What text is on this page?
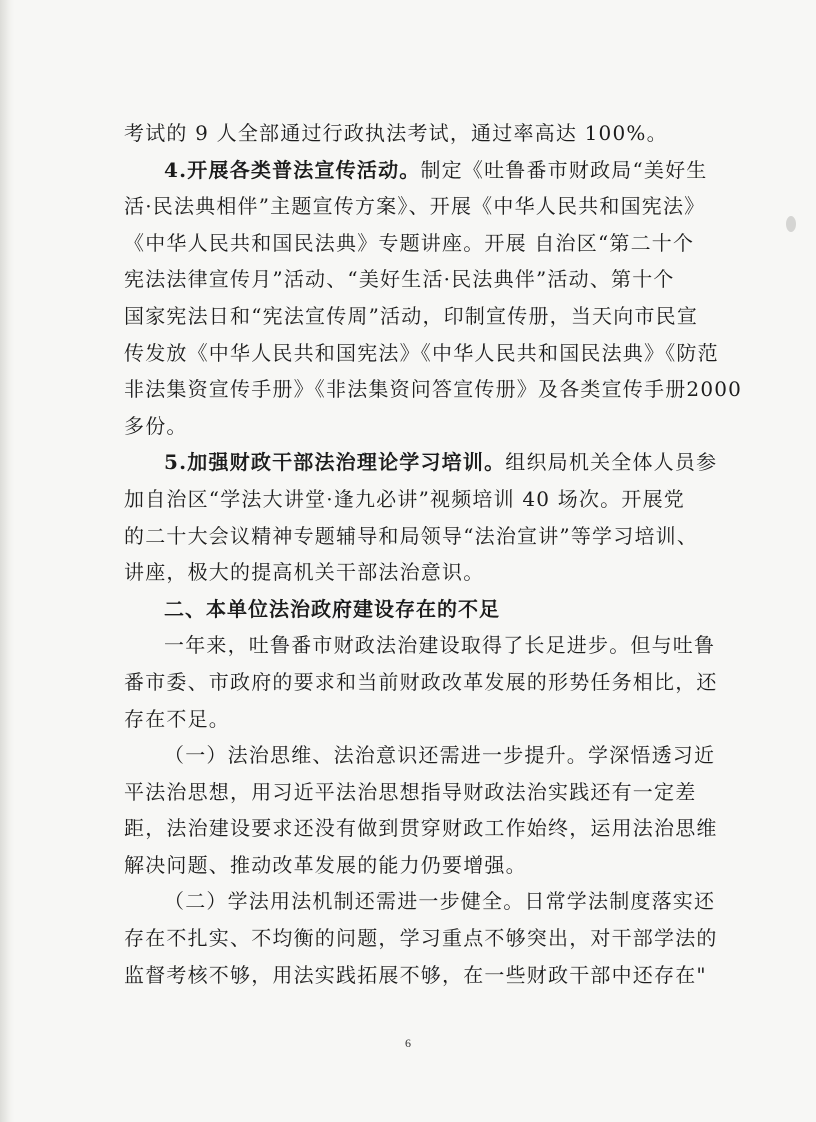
考试的 9 人全部通过行政执法考试，通过率高达 100%。
4.开展各类普法宣传活动。制定《吐鲁番市财政局“美好生
活·民法典相伴”主题宣传方案》、开展《中华人民共和国宪法》
《中华人民共和国民法典》专题讲座。开展 自治区“第二十个
宪法法律宣传月”活动、“美好生活·民法典伴”活动、第十个
国家宪法日和“宪法宣传周”活动，印制宣传册，当天向市民宣
传发放《中华人民共和国宪法》《中华人民共和国民法典》《防范
非法集资宣传手册》《非法集资问答宣传册》及各类宣传手册2000
多份。
5.加强财政干部法治理论学习培训。组织局机关全体人员参
加自治区“学法大讲堂·逢九必讲”视频培训 40 场次。开展党
的二十大会议精神专题辅导和局领导“法治宣讲”等学习培训、
讲座，极大的提高机关干部法治意识。
二、本单位法治政府建设存在的不足
一年来，吐鲁番市财政法治建设取得了长足进步。但与吐鲁
番市委、市政府的要求和当前财政改革发展的形势任务相比，还
存在不足。
（一）法治思维、法治意识还需进一步提升。学深悟透习近
平法治思想，用习近平法治思想指导财政法治实践还有一定差
距，法治建设要求还没有做到贯穿财政工作始终，运用法治思维
解决问题、推动改革发展的能力仍要增强。
（二）学法用法机制还需进一步健全。日常学法制度落实还
存在不扎实、不均衡的问题，学习重点不够突出，对干部学法的
监督考核不够，用法实践拓展不够，在一些财政干部中还存在"
6
